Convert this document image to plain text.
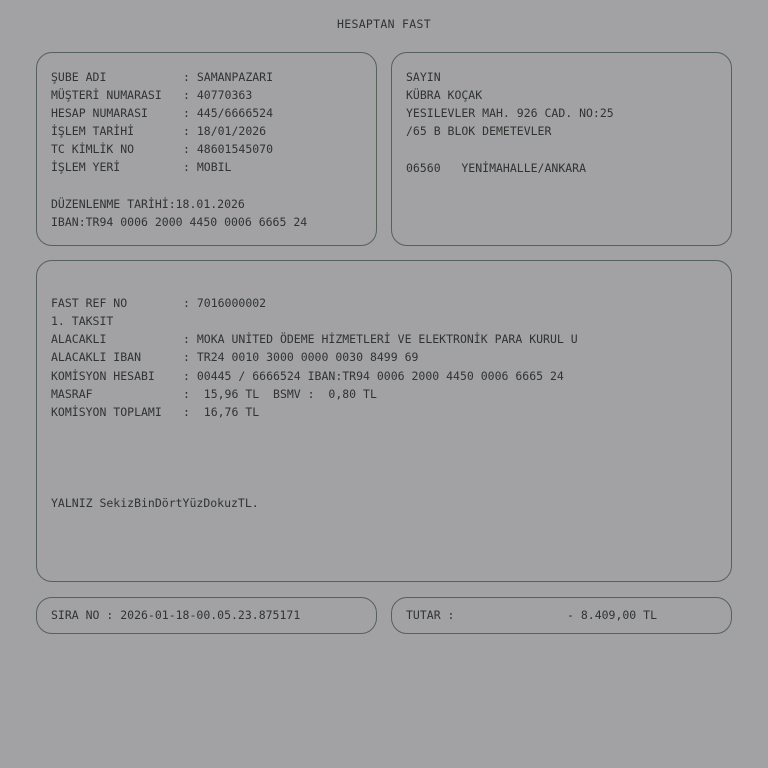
HESAPTAN FAST
ŞUBE ADI	: SAMANPAZARI
MÜŞTERİ NUMARASI : 40770363
HESAP NUMARASI	: 445/6666524
İŞLEM TARİHİ	: 18/01/2026
TC KİMLİK NO	: 48601545070
İŞLEM YERİ	: MOBIL
DÜZENLENME TARİHİ:18.01.2026
IBAN:TR94 0006 2000 4450 0006 6665 24
SAYIN
KÜBRA KOÇAK
YESILEVLER MAH. 926 CAD. NO:25
/65 B BLOK DEMETEVLER
06560   YENİMAHALLE/ANKARA
FAST REF NO	: 7016000002
1. TAKSIT
ALACAKLI	: MOKA UNİTED ÖDEME HİZMETLERİ VE ELEKTRONİK PARA KURUL U
ALACAKLI IBAN	: TR24 0010 3000 0000 0030 8499 69
KOMİSYON HESABI : 00445 / 6666524 IBAN:TR94 0006 2000 4450 0006 6665 24
MASRAF	:  15,96 TL  BSMV :  0,80 TL
KOMİSYON TOPLAMI :  16,76 TL
YALNIZ SekizBinDörtYüzDokuzTL.
SIRA NO : 2026-01-18-00.05.23.875171	TUTAR :	- 8.409,00 TL
